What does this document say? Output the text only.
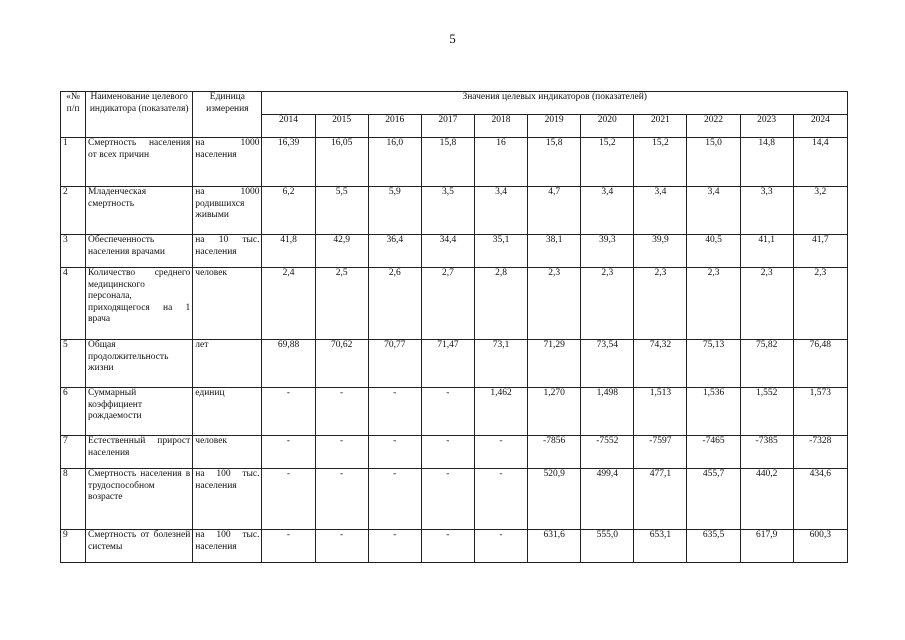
5
«№ п/п	Наименование целевого индикатора (показателя)	Единица измерения	Значения целевых индикаторов (показателей)										
			2014	2015	2016	2017	2018	2019	2020	2021	2022	2023	2024
1	Смертность населения от всех причин	на 1000 населения	16,39	16,05	16,0	15,8	16	15,8	15,2	15,2	15,0	14,8	14,4
2	Младенческая смертность	на 1000 родившихся живыми	6,2	5,5	5,9	3,5	3,4	4,7	3,4	3,4	3,4	3,3	3,2
3	Обеспеченность населения врачами	на 10 тыс. населения	41,8	42,9	36,4	34,4	35,1	38,1	39,3	39,9	40,5	41,1	41,7
4	Количество среднего медицинского персонала, приходящегося на 1 врача	человек	2,4	2,5	2,6	2,7	2,8	2,3	2,3	2,3	2,3	2,3	2,3
5	Общая продолжительность жизни	лет	69,88	70,62	70,77	71,47	73,1	71,29	73,54	74,32	75,13	75,82	76,48
6	Суммарный коэффициент рождаемости	единиц	-	-	-	-	1,462	1,270	1,498	1,513	1,536	1,552	1,573
7	Естественный прирост населения	человек	-	-	-	-	-	-7856	-7552	-7597	-7465	-7385	-7328
8	Смертность населения в трудоспособном возрасте	на 100 тыс. населения	-	-	-	-	-	520,9	499,4	477,1	455,7	440,2	434,6
9	Смертность от болезней системы	на 100 тыс. населения	-	-	-	-	-	631,6	555,0	653,1	635,5	617,9	600,3
